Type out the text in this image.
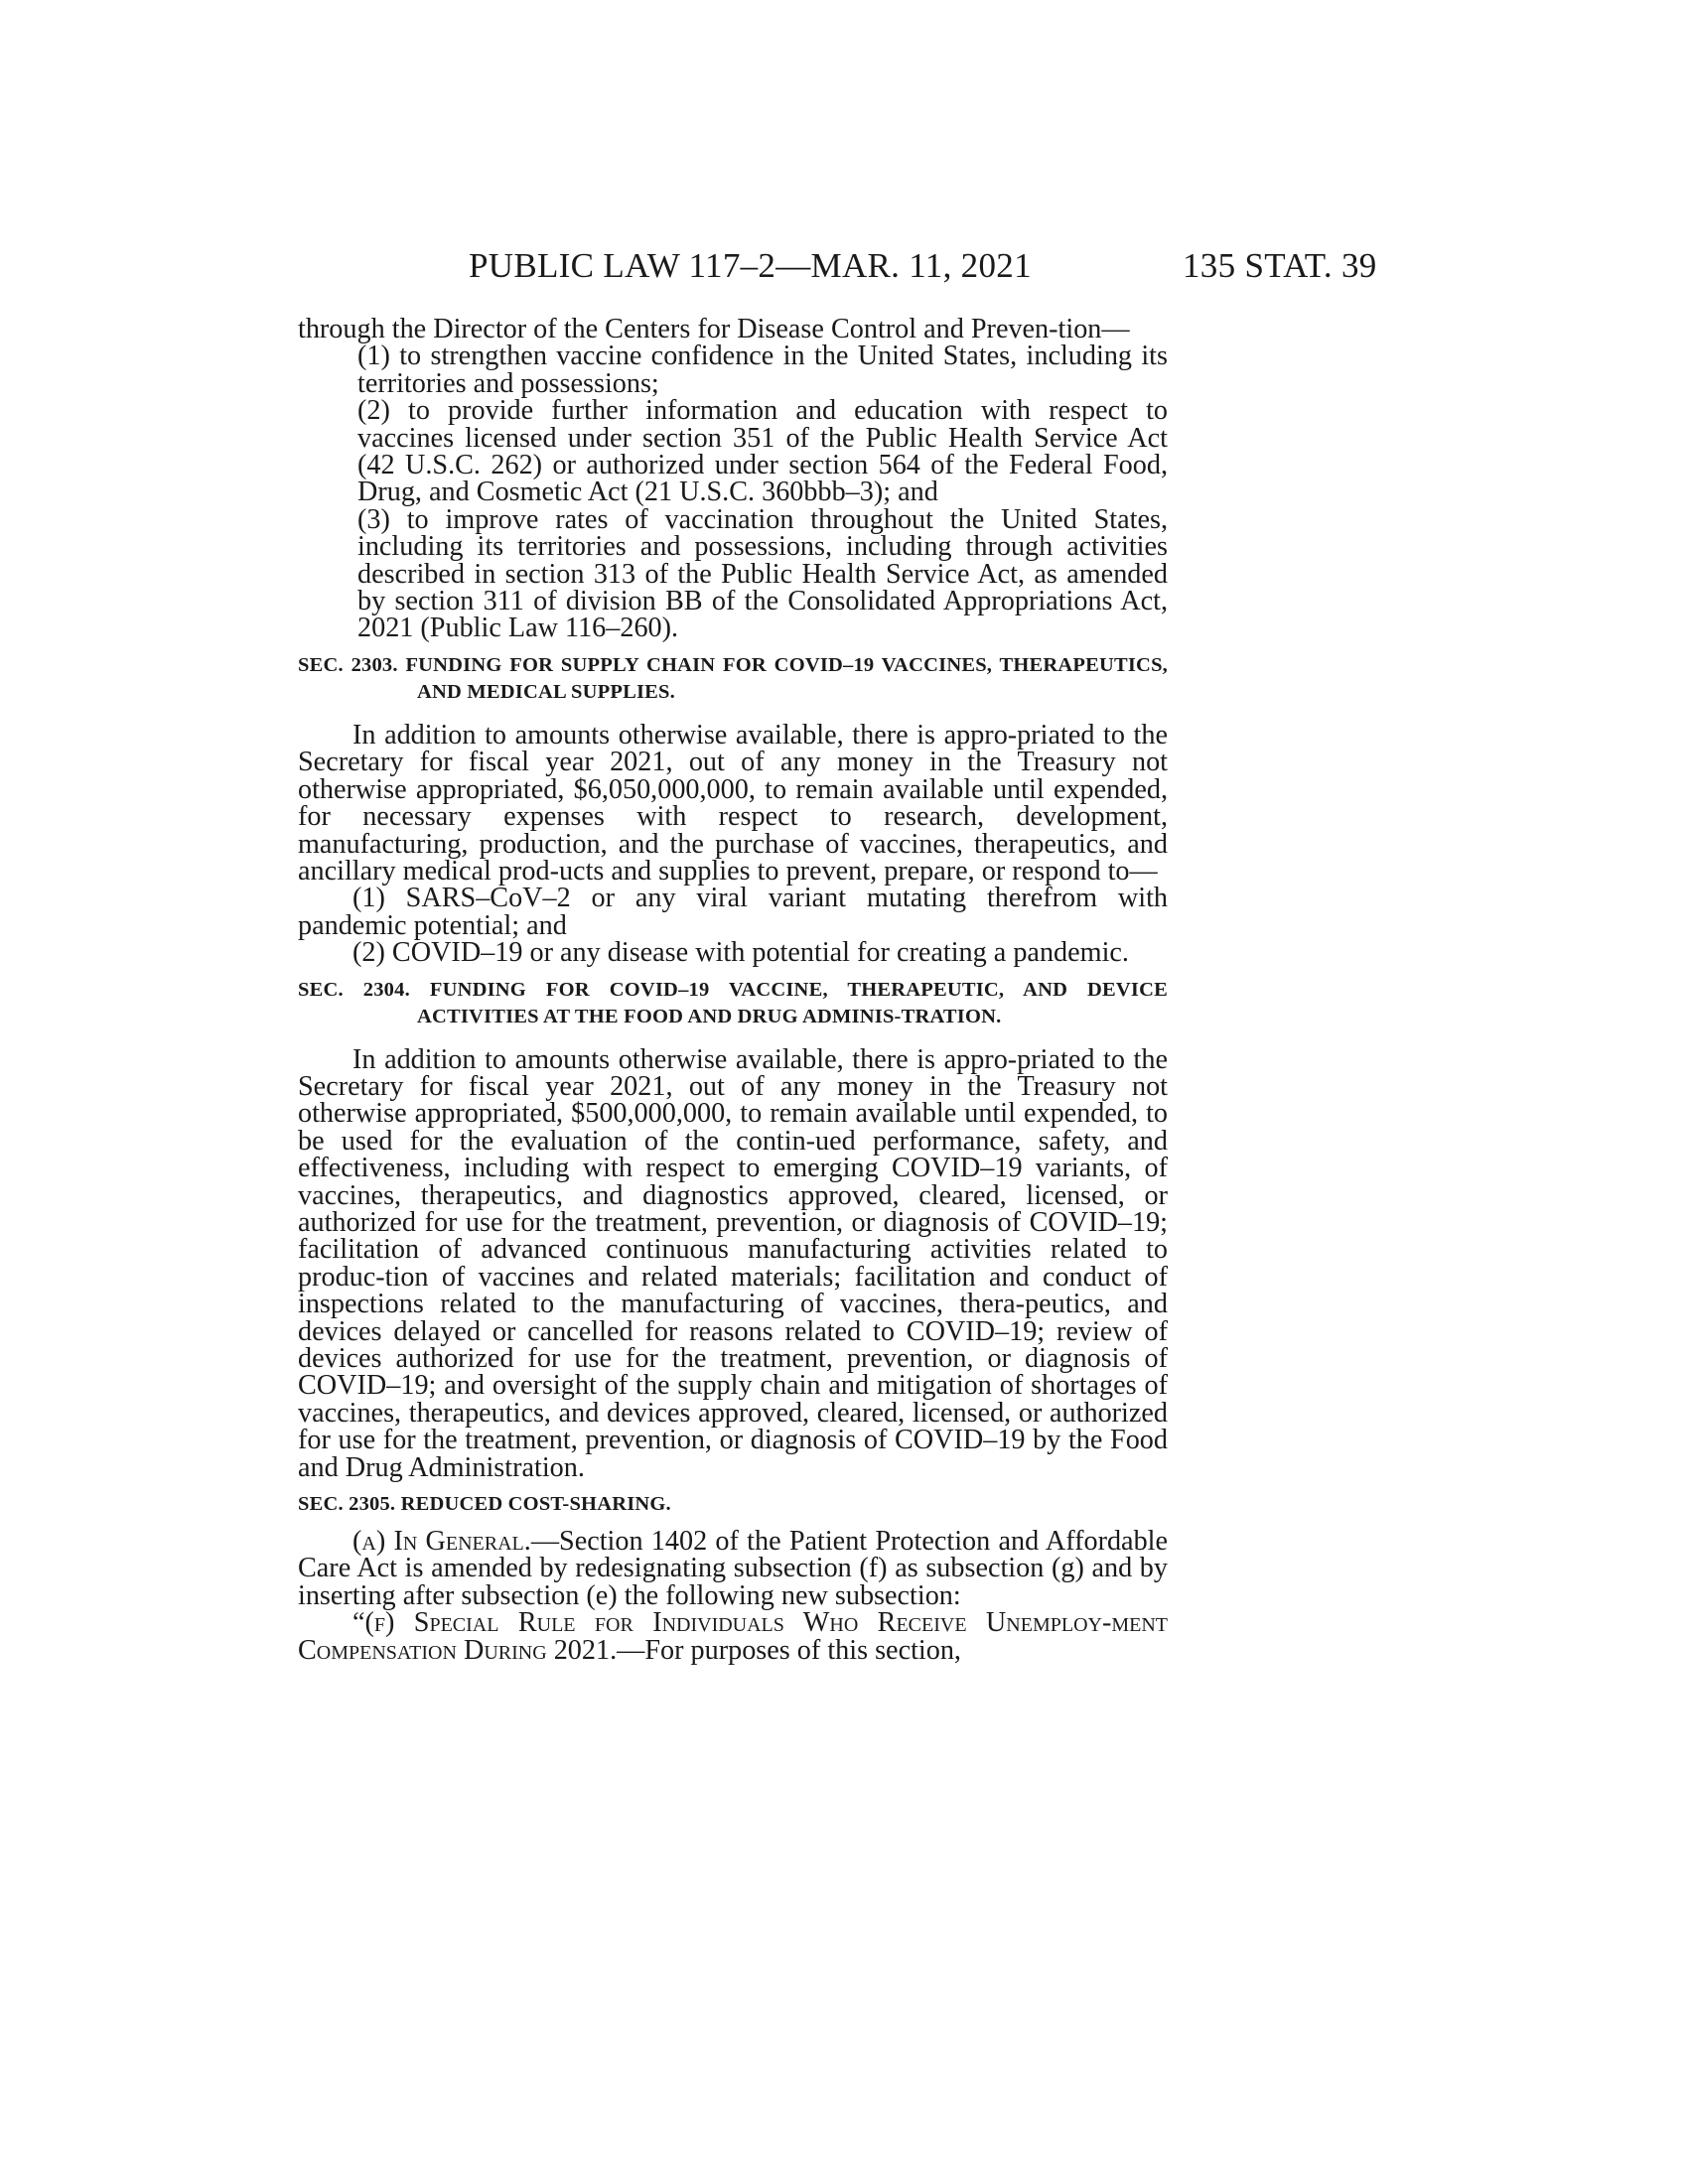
PUBLIC LAW 117–2—MAR. 11, 2021	135 STAT. 39

through the Director of the Centers for Disease Control and Preven-tion—

(1) to strengthen vaccine confidence in the United States, including its territories and possessions;

(2) to provide further information and education with respect to vaccines licensed under section 351 of the Public Health Service Act (42 U.S.C. 262) or authorized under section 564 of the Federal Food, Drug, and Cosmetic Act (21 U.S.C. 360bbb–3); and

(3) to improve rates of vaccination throughout the United States, including its territories and possessions, including through activities described in section 313 of the Public Health Service Act, as amended by section 311 of division BB of the Consolidated Appropriations Act, 2021 (Public Law 116–260).

SEC. 2303. FUNDING FOR SUPPLY CHAIN FOR COVID–19 VACCINES, THERAPEUTICS, AND MEDICAL SUPPLIES.

In addition to amounts otherwise available, there is appro-priated to the Secretary for fiscal year 2021, out of any money in the Treasury not otherwise appropriated, $6,050,000,000, to remain available until expended, for necessary expenses with respect to research, development, manufacturing, production, and the purchase of vaccines, therapeutics, and ancillary medical prod-ucts and supplies to prevent, prepare, or respond to—

(1) SARS–CoV–2 or any viral variant mutating therefrom with pandemic potential; and

(2) COVID–19 or any disease with potential for creating a pandemic.

SEC. 2304. FUNDING FOR COVID–19 VACCINE, THERAPEUTIC, AND DEVICE ACTIVITIES AT THE FOOD AND DRUG ADMINIS-TRATION.

In addition to amounts otherwise available, there is appro-priated to the Secretary for fiscal year 2021, out of any money in the Treasury not otherwise appropriated, $500,000,000, to remain available until expended, to be used for the evaluation of the contin-ued performance, safety, and effectiveness, including with respect to emerging COVID–19 variants, of vaccines, therapeutics, and diagnostics approved, cleared, licensed, or authorized for use for the treatment, prevention, or diagnosis of COVID–19; facilitation of advanced continuous manufacturing activities related to produc-tion of vaccines and related materials; facilitation and conduct of inspections related to the manufacturing of vaccines, thera-peutics, and devices delayed or cancelled for reasons related to COVID–19; review of devices authorized for use for the treatment, prevention, or diagnosis of COVID–19; and oversight of the supply chain and mitigation of shortages of vaccines, therapeutics, and devices approved, cleared, licensed, or authorized for use for the treatment, prevention, or diagnosis of COVID–19 by the Food and Drug Administration.

SEC. 2305. REDUCED COST-SHARING.

(a) In General.—Section 1402 of the Patient Protection and Affordable Care Act is amended by redesignating subsection (f) as subsection (g) and by inserting after subsection (e) the following new subsection:

“(f) Special Rule for Individuals Who Receive Unemploy-ment Compensation During 2021.—For purposes of this section,
